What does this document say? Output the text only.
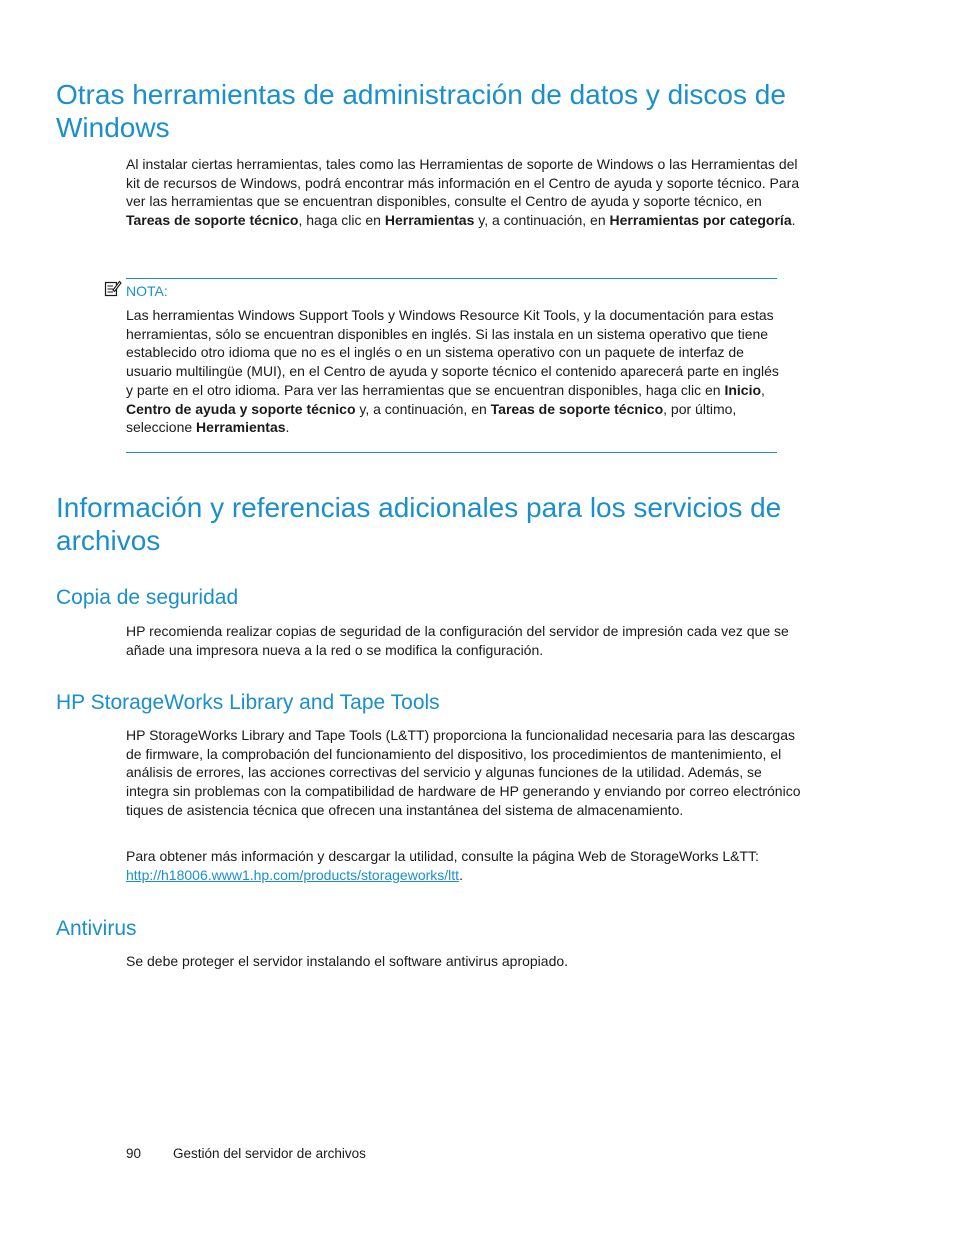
Otras herramientas de administración de datos y discos de Windows

Al instalar ciertas herramientas, tales como las Herramientas de soporte de Windows o las Herramientas del kit de recursos de Windows, podrá encontrar más información en el Centro de ayuda y soporte técnico. Para ver las herramientas que se encuentran disponibles, consulte el Centro de ayuda y soporte técnico, en Tareas de soporte técnico, haga clic en Herramientas y, a continuación, en Herramientas por categoría.

NOTA:

Las herramientas Windows Support Tools y Windows Resource Kit Tools, y la documentación para estas herramientas, sólo se encuentran disponibles en inglés. Si las instala en un sistema operativo que tiene establecido otro idioma que no es el inglés o en un sistema operativo con un paquete de interfaz de usuario multilingüe (MUI), en el Centro de ayuda y soporte técnico el contenido aparecerá parte en inglés y parte en el otro idioma. Para ver las herramientas que se encuentran disponibles, haga clic en Inicio, Centro de ayuda y soporte técnico y, a continuación, en Tareas de soporte técnico, por último, seleccione Herramientas.

Información y referencias adicionales para los servicios de archivos
Copia de seguridad

HP recomienda realizar copias de seguridad de la configuración del servidor de impresión cada vez que se añade una impresora nueva a la red o se modifica la configuración.

HP StorageWorks Library and Tape Tools

HP StorageWorks Library and Tape Tools (L&TT) proporciona la funcionalidad necesaria para las descargas de firmware, la comprobación del funcionamiento del dispositivo, los procedimientos de mantenimiento, el análisis de errores, las acciones correctivas del servicio y algunas funciones de la utilidad. Además, se integra sin problemas con la compatibilidad de hardware de HP generando y enviando por correo electrónico tiques de asistencia técnica que ofrecen una instantánea del sistema de almacenamiento.

Para obtener más información y descargar la utilidad, consulte la página Web de StorageWorks L&TT: http://h18006.www1.hp.com/products/storageworks/ltt.

Antivirus

Se debe proteger el servidor instalando el software antivirus apropiado.

90 Gestión del servidor de archivos
